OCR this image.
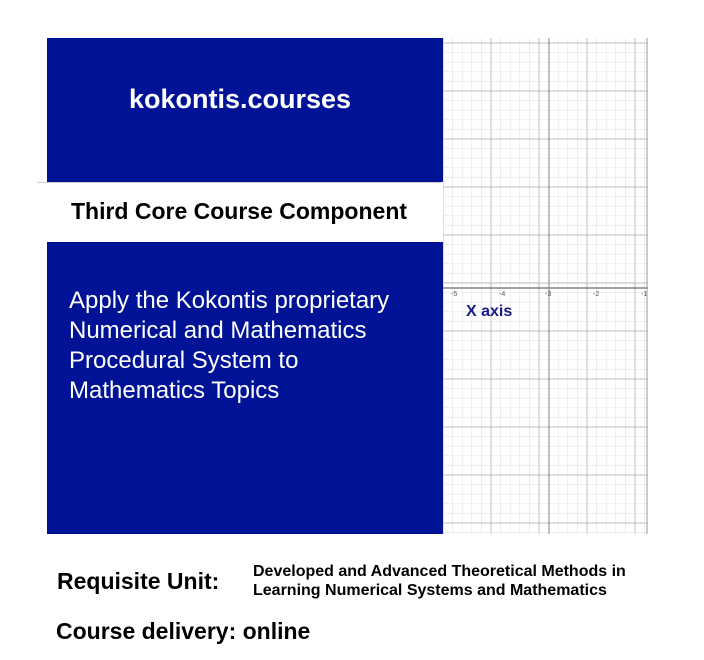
kokontis.courses
Third Core Course Component
Apply the Kokontis proprietary
Numerical and Mathematics
Procedural System to
Mathematics Topics
-5	-4	-3	-2	-1
X axis
Requisite Unit: Developed and Advanced Theoretical Methods in
Learning Numerical Systems and Mathematics
Course delivery: online
